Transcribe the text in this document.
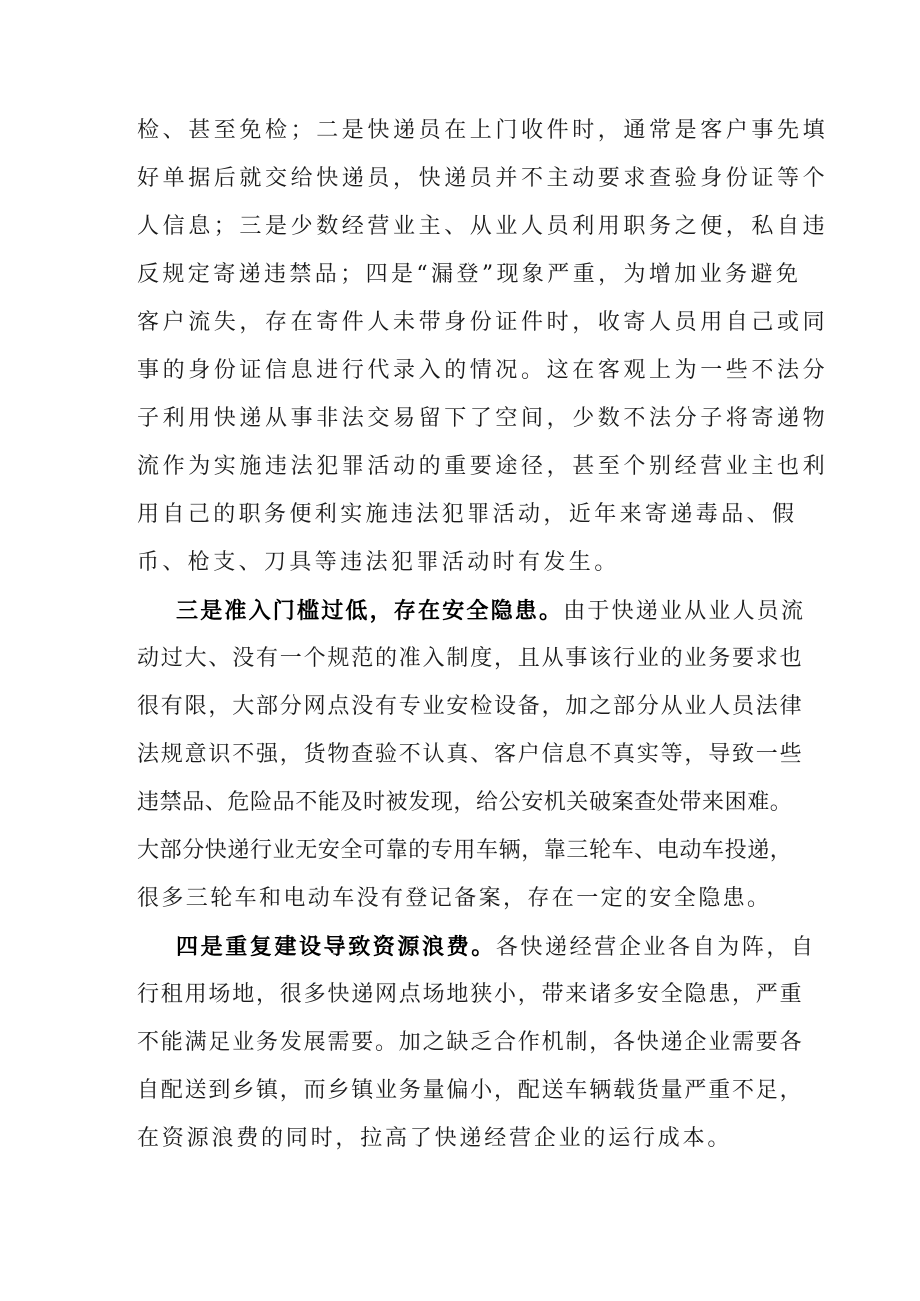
检、甚至免检；二是快递员在上门收件时，通常是客户事先填
好单据后就交给快递员，快递员并不主动要求查验身份证等个
人信息；三是少数经营业主、从业人员利用职务之便，私自违
反规定寄递违禁品；四是“漏登”现象严重，为增加业务避免
客户流失，存在寄件人未带身份证件时，收寄人员用自己或同
事的身份证信息进行代录入的情况。这在客观上为一些不法分
子利用快递从事非法交易留下了空间，少数不法分子将寄递物
流作为实施违法犯罪活动的重要途径，甚至个别经营业主也利
用自己的职务便利实施违法犯罪活动，近年来寄递毒品、假
币、枪支、刀具等违法犯罪活动时有发生。
三是准入门槛过低，存在安全隐患。由于快递业从业人员流
动过大、没有一个规范的准入制度，且从事该行业的业务要求也
很有限，大部分网点没有专业安检设备，加之部分从业人员法律
法规意识不强，货物查验不认真、客户信息不真实等，导致一些
违禁品、危险品不能及时被发现，给公安机关破案查处带来困难。
大部分快递行业无安全可靠的专用车辆，靠三轮车、电动车投递，
很多三轮车和电动车没有登记备案，存在一定的安全隐患。
四是重复建设导致资源浪费。各快递经营企业各自为阵，自
行租用场地，很多快递网点场地狭小，带来诸多安全隐患，严重
不能满足业务发展需要。加之缺乏合作机制，各快递企业需要各
自配送到乡镇，而乡镇业务量偏小，配送车辆载货量严重不足，
在资源浪费的同时，拉高了快递经营企业的运行成本。
